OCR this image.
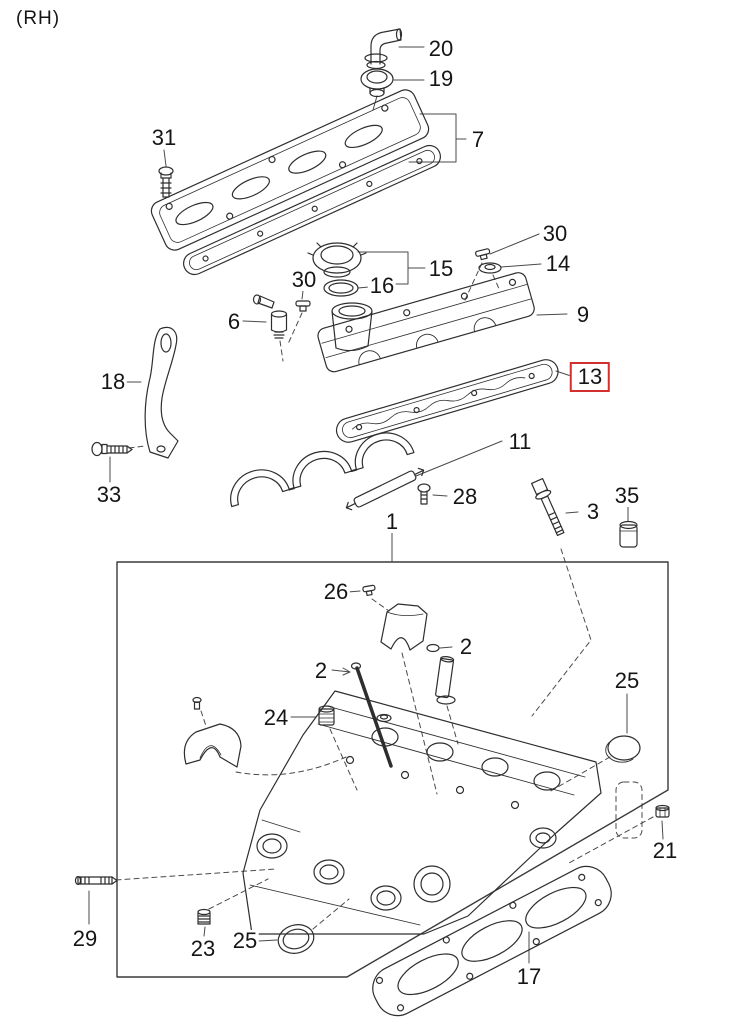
(RH)
20
19
7
31
30 16
15
30
14
9
6
18	13
11
33	28
1	3
35
26
2
2
24
25
21
29	23 25
17
